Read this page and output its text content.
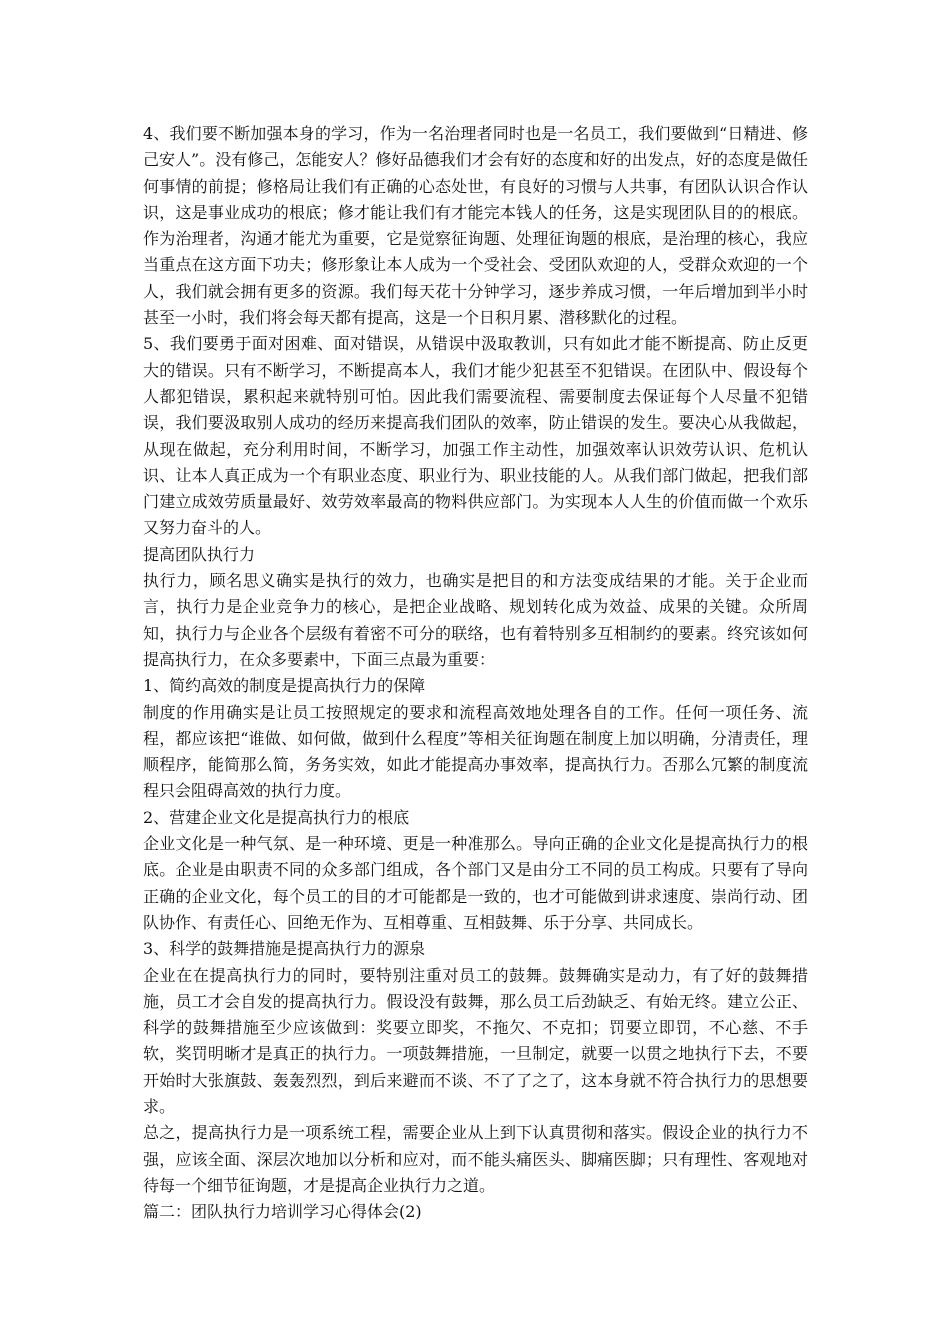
4、我们要不断加强本身的学习，作为一名治理者同时也是一名员工，我们要做到“日精进、修己安人”。没有修己，怎能安人？修好品德我们才会有好的态度和好的出发点，好的态度是做任何事情的前提；修格局让我们有正确的心态处世，有良好的习惯与人共事，有团队认识合作认识，这是事业成功的根底；修才能让我们有才能完本钱人的任务，这是实现团队目的的根底。作为治理者，沟通才能尤为重要，它是觉察征询题、处理征询题的根底，是治理的核心，我应当重点在这方面下功夫；修形象让本人成为一个受社会、受团队欢迎的人，受群众欢迎的一个人，我们就会拥有更多的资源。我们每天花十分钟学习，逐步养成习惯，一年后增加到半小时甚至一小时，我们将会每天都有提高，这是一个日积月累、潜移默化的过程。

5、我们要勇于面对困难、面对错误，从错误中汲取教训，只有如此才能不断提高、防止反更大的错误。只有不断学习，不断提高本人，我们才能少犯甚至不犯错误。在团队中、假设每个人都犯错误，累积起来就特别可怕。因此我们需要流程、需要制度去保证每个人尽量不犯错误，我们要汲取别人成功的经历来提高我们团队的效率，防止错误的发生。要决心从我做起，从现在做起，充分利用时间，不断学习，加强工作主动性，加强效率认识效劳认识、危机认识、让本人真正成为一个有职业态度、职业行为、职业技能的人。从我们部门做起，把我们部门建立成效劳质量最好、效劳效率最高的物料供应部门。为实现本人人生的价值而做一个欢乐又努力奋斗的人。

提高团队执行力

执行力，顾名思义确实是执行的效力，也确实是把目的和方法变成结果的才能。关于企业而言，执行力是企业竞争力的核心，是把企业战略、规划转化成为效益、成果的关键。众所周知，执行力与企业各个层级有着密不可分的联络，也有着特别多互相制约的要素。终究该如何提高执行力，在众多要素中，下面三点最为重要：

1、简约高效的制度是提高执行力的保障

制度的作用确实是让员工按照规定的要求和流程高效地处理各自的工作。任何一项任务、流程，都应该把“谁做、如何做，做到什么程度”等相关征询题在制度上加以明确，分清责任，理顺程序，能简那么简，务务实效，如此才能提高办事效率，提高执行力。否那么冗繁的制度流程只会阻碍高效的执行力度。

2、营建企业文化是提高执行力的根底

企业文化是一种气氛、是一种环境、更是一种准那么。导向正确的企业文化是提高执行力的根底。企业是由职责不同的众多部门组成，各个部门又是由分工不同的员工构成。只要有了导向正确的企业文化，每个员工的目的才可能都是一致的，也才可能做到讲求速度、崇尚行动、团队协作、有责任心、回绝无作为、互相尊重、互相鼓舞、乐于分享、共同成长。

3、科学的鼓舞措施是提高执行力的源泉

企业在在提高执行力的同时，要特别注重对员工的鼓舞。鼓舞确实是动力，有了好的鼓舞措施，员工才会自发的提高执行力。假设没有鼓舞，那么员工后劲缺乏、有始无终。建立公正、科学的鼓舞措施至少应该做到：奖要立即奖，不拖欠、不克扣；罚要立即罚，不心慈、不手软，奖罚明晰才是真正的执行力。一项鼓舞措施，一旦制定，就要一以贯之地执行下去，不要开始时大张旗鼓、轰轰烈烈，到后来避而不谈、不了了之了，这本身就不符合执行力的思想要求。

总之，提高执行力是一项系统工程，需要企业从上到下认真贯彻和落实。假设企业的执行力不强，应该全面、深层次地加以分析和应对，而不能头痛医头、脚痛医脚；只有理性、客观地对待每一个细节征询题，才是提高企业执行力之道。

篇二：团队执行力培训学习心得体会(2)
